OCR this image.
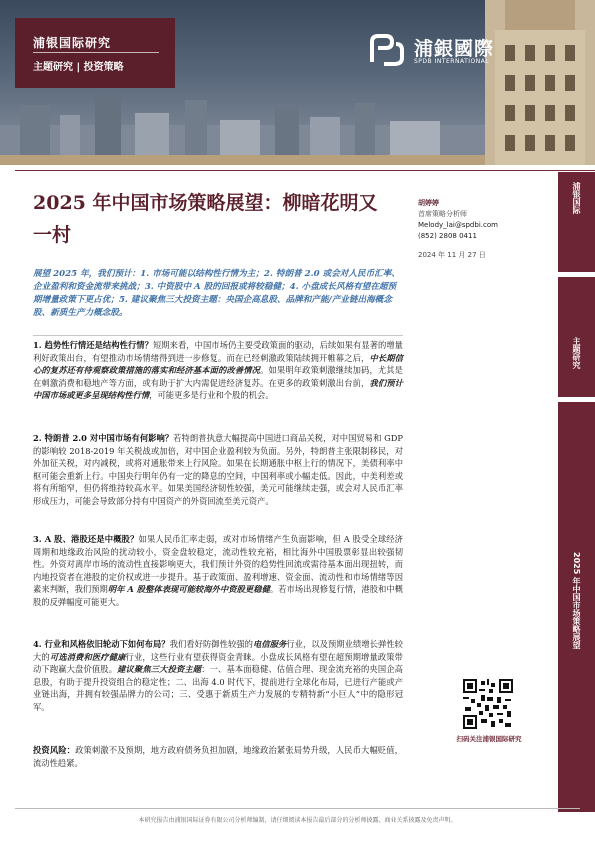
浦银国际研究
主题研究 | 投资策略
浦銀國際
SPDB INTERNATIONAL
2025 年中国市场策略展望：柳暗花明又一村
胡婷婷
首席策略分析师
Melody_lai@spdbi.com
(852) 2808 0411
2024 年 11 月 27 日
浦银国际
主题研究
2025 年中国市场策略展望

展望 2025 年，我们预计：1. 市场可能以结构性行情为主；2. 特朗普 2.0 或会对人民币汇率、企业盈利和资金流带来挑战；3. 中资股中 A 股的回报或将较稳健；4. 小盘成长风格有望在超预期增量政策下更占优；5. 建议聚焦三大投资主题：央国企高息股、品牌和产能/产业链出海概念股、新质生产力概念股。

1. 趋势性行情还是结构性行情？短期来看，中国市场仍主要受政策面的驱动，后续如果有显著的增量利好政策出台，有望推动市场情绪得到进一步修复。而在已经刺激政策陆续拥开帷幕之后，中长期信心的复苏还有待观察政策措施的落实和经济基本面的改善情况。如果明年政策刺激继续加码，尤其是在刺激消费和稳地产等方面，或有助于扩大内需促进经济复苏。在更多的政策刺激出台前，我们预计中国市场或更多呈现结构性行情，可能更多是行业和个股的机会。

2. 特朗普 2.0 对中国市场有何影响？若特朗普执意大幅提高中国进口商品关税，对中国贸易和 GDP 的影响较 2018-2019 年关税战或加倍，对中国企业盈利较为负面。另外，特朗普主张限制移民，对外加征关税，对内减税，或将对通胀带来上行风险。如果在长期通胀中枢上行的情况下，美债利率中枢可能会重新上行。中国央行明年仍有一定的降息的空间，中国利率或小幅走低。因此，中美利差或将有所缩窄，但仍将维持较高水平。如果美国经济韧性较强，美元可能继续走强，或会对人民币汇率形成压力，可能会导致部分持有中国资产的外资回流至美元资产。

3. A 股、港股还是中概股？如果人民币汇率走弱，或对市场情绪产生负面影响，但 A 股受全球经济周期和地缘政治风险的扰动较小，资金盘较稳定，流动性较充裕，相比海外中国股票彰显出较强韧性。外资对离岸市场的流动性直接影响更大，我们预计外资的趋势性回流或需待基本面出现扭转，而内地投资者在港股的定价权或进一步提升。基于政策面、盈利增速、资金面、流动性和市场情绪等因素来判断，我们预期明年 A 股整体表现可能较海外中资股更稳健。若市场出现修复行情，港股和中概股的反弹幅度可能更大。

4. 行业和风格依旧轮动下如何布局？我们看好防御性较强的电信服务行业，以及预期业绩增长弹性较大的可选消费和医疗健康行业，这些行业有望获得资金青睐。小盘成长风格有望在超预期增量政策带动下跑赢大盘价值股。建议聚焦三大投资主题：一、基本面稳健、估值合理、现金流充裕的央国企高息股，有助于提升投资组合的稳定性；二、出海 4.0 时代下，提前进行全球化布局，已进行产能或产业链出海，并拥有较强品牌力的公司；三、受惠于新质生产力发展的专精特新“小巨人”中的隐形冠军。

投资风险：政策刺激不及预期，地方政府债务负担加剧，地缘政治紧张局势升级，人民币大幅贬值，流动性趋紧。

扫码关注浦银国际研究
本研究报告由浦银国际证券有限公司分析师编制，请仔细阅读本报告最后部分的分析师披露、商业关系披露及免责声明。
